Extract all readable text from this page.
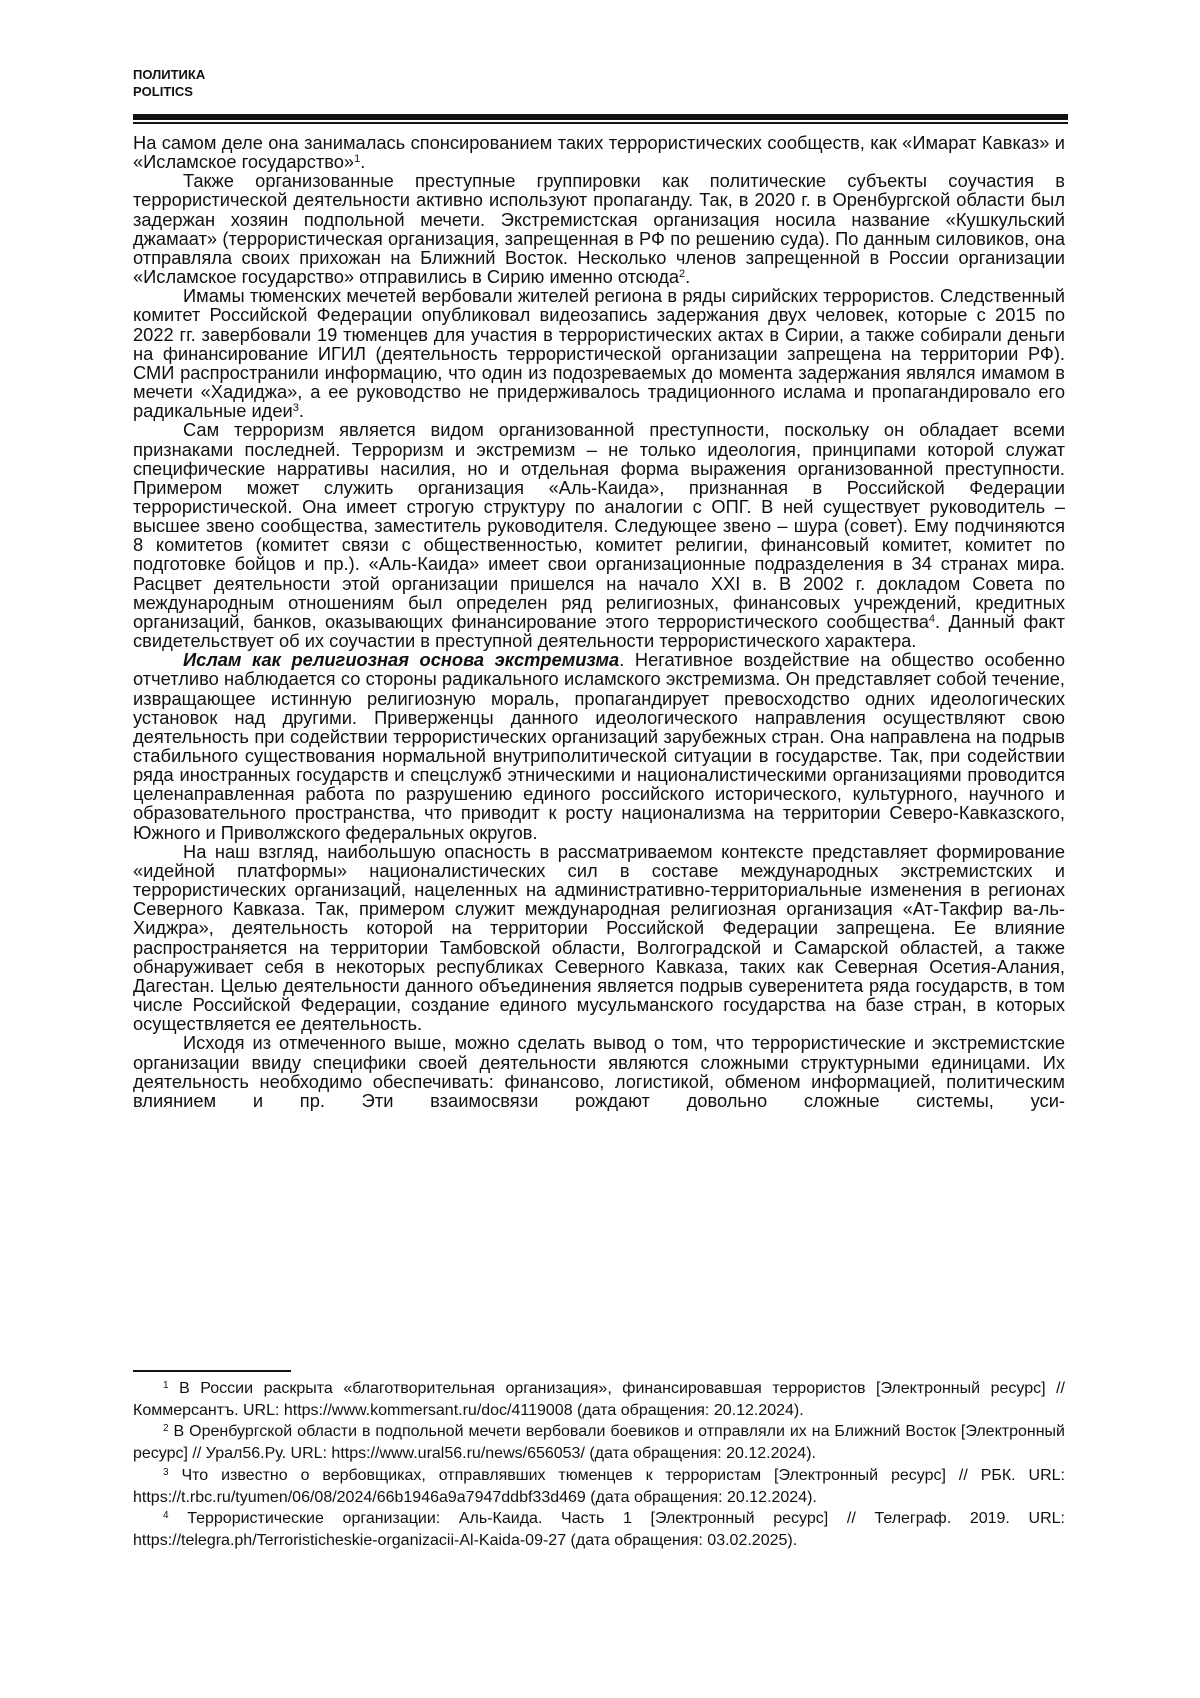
ПОЛИТИКА
POLITICS

На самом деле она занималась спонсированием таких террористических сообществ, как «Имарат Кавказ» и «Исламское государство»$^1$.

Также организованные преступные группировки как политические субъекты соучастия в террористической деятельности активно используют пропаганду. Так, в 2020 г. в Оренбургской области был задержан хозяин подпольной мечети. Экстремистская организация носила название «Кушкульский джамаат» (террористическая организация, запрещенная в РФ по решению суда). По данным силовиков, она отправляла своих прихожан на Ближний Восток. Несколько членов запрещенной в России организации «Исламское государство» отправились в Сирию именно отсюда$^2$.

Имамы тюменских мечетей вербовали жителей региона в ряды сирийских террористов. Следственный комитет Российской Федерации опубликовал видеозапись задержания двух человек, которые с 2015 по 2022 гг. завербовали 19 тюменцев для участия в террористических актах в Сирии, а также собирали деньги на финансирование ИГИЛ (деятельность террористической организации запрещена на территории РФ). СМИ распространили информацию, что один из подозреваемых до момента задержания являлся имамом в мечети «Хадиджа», а ее руководство не придерживалось традиционного ислама и пропагандировало его радикальные идеи$^3$.

Сам терроризм является видом организованной преступности, поскольку он обладает всеми признаками последней. Терроризм и экстремизм – не только идеология, принципами которой служат специфические нарративы насилия, но и отдельная форма выражения организованной преступности. Примером может служить организация «Аль-Каида», признанная в Российской Федерации террористической. Она имеет строгую структуру по аналогии с ОПГ. В ней существует руководитель – высшее звено сообщества, заместитель руководителя. Следующее звено – шура (совет). Ему подчиняются 8 комитетов (комитет связи с общественностью, комитет религии, финансовый комитет, комитет по подготовке бойцов и пр.). «Аль-Каида» имеет свои организационные подразделения в 34 странах мира. Расцвет деятельности этой организации пришелся на начало XXI в. В 2002 г. докладом Совета по международным отношениям был определен ряд религиозных, финансовых учреждений, кредитных организаций, банков, оказывающих финансирование этого террористического сообщества$^4$. Данный факт свидетельствует об их соучастии в преступной деятельности террористического характера.

Ислам как религиозная основа экстремизма. Негативное воздействие на общество особенно отчетливо наблюдается со стороны радикального исламского экстремизма. Он представляет собой течение, извращающее истинную религиозную мораль, пропагандирует превосходство одних идеологических установок над другими. Приверженцы данного идеологического направления осуществляют свою деятельность при содействии террористических организаций зарубежных стран. Она направлена на подрыв стабильного существования нормальной внутриполитической ситуации в государстве. Так, при содействии ряда иностранных государств и спецслужб этническими и националистическими организациями проводится целенаправленная работа по разрушению единого российского исторического, культурного, научного и образовательного пространства, что приводит к росту национализма на территории Северо-Кавказского, Южного и Приволжского федеральных округов.

На наш взгляд, наибольшую опасность в рассматриваемом контексте представляет формирование «идейной платформы» националистических сил в составе международных экстремистских и террористических организаций, нацеленных на административно-территориальные изменения в регионах Северного Кавказа. Так, примером служит международная религиозная организация «Ат-Такфир ва-ль-Хиджра», деятельность которой на территории Российской Федерации запрещена. Ее влияние распространяется на территории Тамбовской области, Волгоградской и Самарской областей, а также обнаруживает себя в некоторых республиках Северного Кавказа, таких как Северная Осетия-Алания, Дагестан. Целью деятельности данного объединения является подрыв суверенитета ряда государств, в том числе Российской Федерации, создание единого мусульманского государства на базе стран, в которых осуществляется ее деятельность.

Исходя из отмеченного выше, можно сделать вывод о том, что террористические и экстремистские организации ввиду специфики своей деятельности являются сложными структурными единицами. Их деятельность необходимо обеспечивать: финансово, логистикой, обменом информацией, политическим влиянием и пр. Эти взаимосвязи рождают довольно сложные системы, уси-

$^1$ В России раскрыта «благотворительная организация», финансировавшая террористов [Электронный ресурс] // Коммерсантъ. URL: https://www.kommersant.ru/doc/4119008 (дата обращения: 20.12.2024).

$^2$ В Оренбургской области в подпольной мечети вербовали боевиков и отправляли их на Ближний Восток [Электронный ресурс] // Урал56.Ру. URL: https://www.ural56.ru/news/656053/ (дата обращения: 20.12.2024).

$^3$ Что известно о вербовщиках, отправлявших тюменцев к террористам [Электронный ресурс] // РБК. URL: https://t.rbc.ru/tyumen/06/08/2024/66b1946a9a7947ddbf33d469 (дата обращения: 20.12.2024).

$^4$ Террористические организации: Аль-Каида. Часть 1 [Электронный ресурс] // Телеграф. 2019. URL: https://telegra.ph/Terroristicheskie-organizacii-Al-Kaida-09-27 (дата обращения: 03.02.2025).
